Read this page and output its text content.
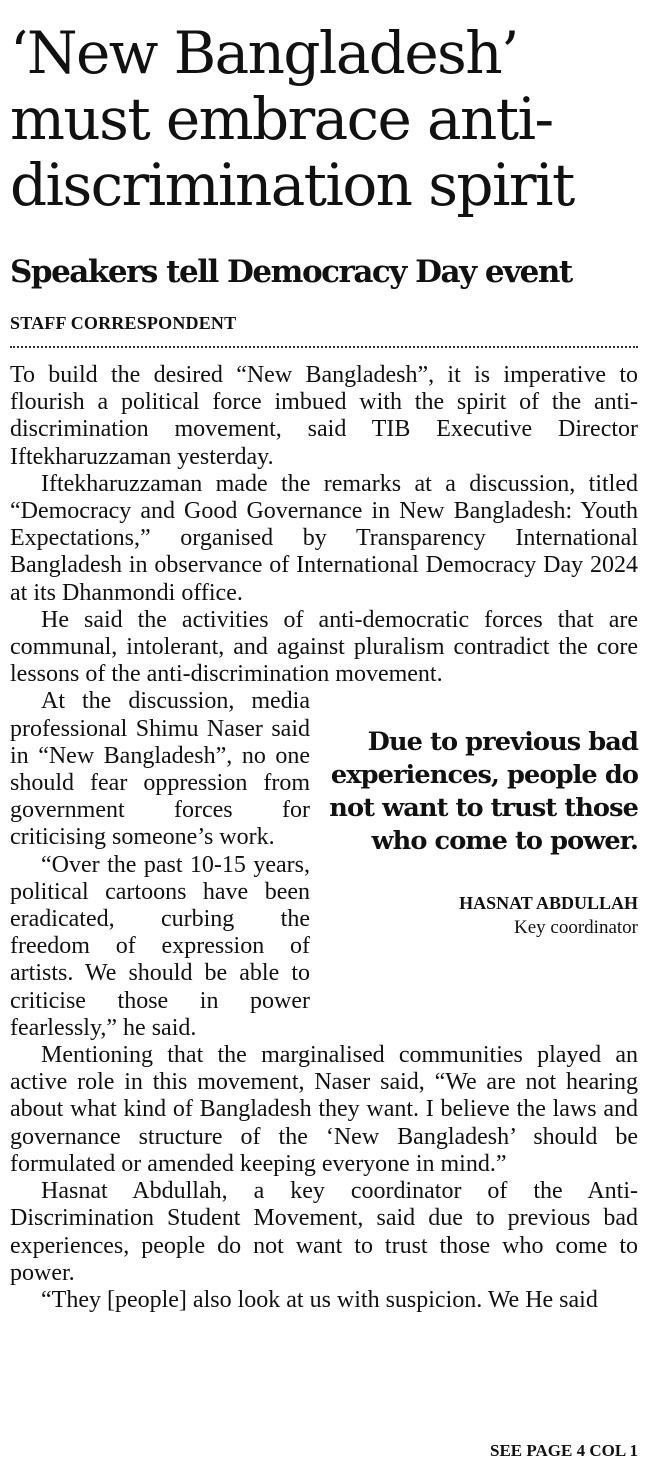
‘New Bangladesh’
must embrace anti-
discrimination spirit
Speakers tell Democracy Day event
STAFF CORRESPONDENT

To build the desired “New Bangladesh”, it is imperative to flourish a political force imbued with the spirit of the anti-discrimination movement, said TIB Executive Director Iftekharuzzaman yesterday.

Iftekharuzzaman made the remarks at a discussion, titled “Democracy and Good Governance in New Bangladesh: Youth Expectations,” organised by Transparency International Bangladesh in observance of International Democracy Day 2024 at its Dhanmondi office.

He said the activities of anti-democratic forces that are communal, intolerant, and against pluralism contradict the core lessons of the anti-discrimination movement.

Due to previous bad experiences, people do not want to trust those who come to power.
HASNAT ABDULLAH
Key coordinator

At the discussion, media professional Shimu Naser said in “New Bangladesh”, no one should fear oppression from government forces for criticising someone’s work.

“Over the past 10-15 years, political cartoons have been eradicated, curbing the freedom of expression of artists. We should be able to criticise those in power fearlessly,” he said.

Mentioning that the marginalised communities played an active role in this movement, Naser said, “We are not hearing about what kind of Bangladesh they want. I believe the laws and governance structure of the ‘New Bangladesh’ should be formulated or amended keeping everyone in mind.”

Hasnat Abdullah, a key coordinator of the Anti-Discrimination Student Movement, said due to previous bad experiences, people do not want to trust those who come to power.

“They [people] also look at us with suspicion. We He said

SEE PAGE 4 COL 1
